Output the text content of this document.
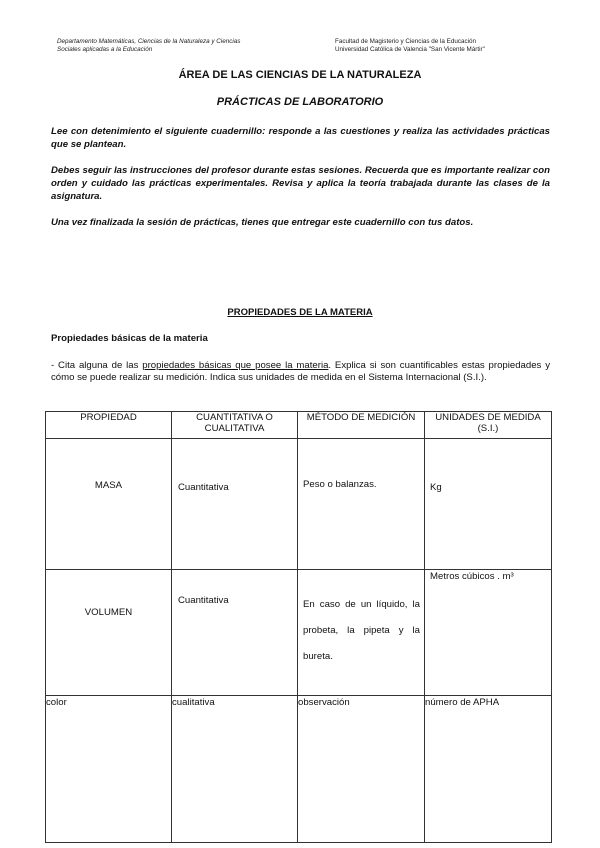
Departamento Matemáticas, Ciencias de la Naturaleza y Ciencias
Sociales aplicadas a la Educación
Facultad de Magisterio y Ciencias de la Educación
Universidad Católica de Valencia "San Vicente Mártir"
ÁREA DE LAS CIENCIAS DE LA NATURALEZA
PRÁCTICAS DE LABORATORIO
Lee con detenimiento el siguiente cuadernillo: responde a las cuestiones y realiza las actividades prácticas que se plantean.
Debes seguir las instrucciones del profesor durante estas sesiones. Recuerda que es importante realizar con orden y cuidado las prácticas experimentales. Revisa y aplica la teoría trabajada durante las clases de la asignatura.
Una vez finalizada la sesión de prácticas, tienes que entregar este cuadernillo con tus datos.
PROPIEDADES DE LA MATERIA
Propiedades básicas de la materia
- Cita alguna de las propiedades básicas que posee la materia. Explica si son cuantificables estas propiedades y cómo se puede realizar su medición. Indica sus unidades de medida en el Sistema Internacional (S.I.).
PROPIEDAD	CUANTITATIVA O CUALITATIVA	MÉTODO DE MEDICIÓN	UNIDADES DE MEDIDA (S.I.)
MASA	Cuantitativa	Peso o balanzas.	Kg
VOLUMEN	Cuantitativa	En caso de un líquido, la probeta, la pipeta y la bureta.	Metros cúbicos . m³
color	cualitativa	observación	número de APHA
